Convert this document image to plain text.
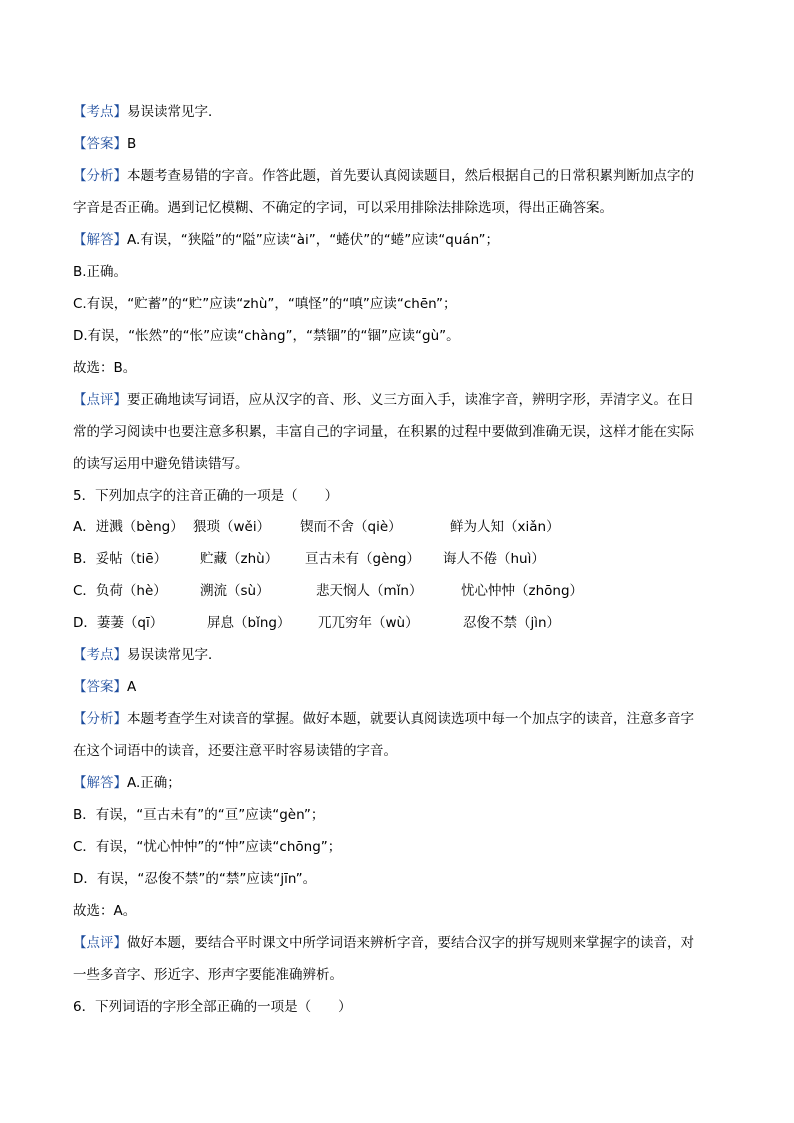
【考点】易误读常见字．
【答案】B
【分析】本题考查易错的字音。作答此题，首先要认真阅读题目，然后根据自己的日常积累判断加点字的
字音是否正确。遇到记忆模糊、不确定的字词，可以采用排除法排除选项，得出正确答案。
【解答】A.有误，“狭隘”的“隘”应读“ài”，“蜷伏”的“蜷”应读“quán”；
B.正确。
C.有误，“贮蓄”的“贮”应读“zhù”，“嗔怪”的“嗔”应读“chēn”；
D.有误，“怅然”的“怅”应读“chàng”，“禁锢”的“锢”应读“gù”。
故选：B。
【点评】要正确地读写词语，应从汉字的音、形、义三方面入手，读准字音，辨明字形，弄清字义。在日
常的学习阅读中也要注意多积累，丰富自己的字词量，在积累的过程中要做到准确无误，这样才能在实际
的读写运用中避免错读错写。
5．下列加点字的注音正确的一项是（　　）
A．迸溅（bèng） 猥琐（wěi） 锲而不舍（qiè）	鲜为人知（xiǎn）
B．妥帖（tiē） 贮藏（zhù） 亘古未有（gèng） 诲人不倦（huì）
C．负荷（hè） 溯流（sù）	悲天悯人（mǐn）	忧心忡忡（zhōng）
D．萋萋（qī）	屏息（bǐng） 兀兀穷年（wù）	忍俊不禁（jìn）
【考点】易误读常见字．
【答案】A
【分析】本题考查学生对读音的掌握。做好本题，就要认真阅读选项中每一个加点字的读音，注意多音字
在这个词语中的读音，还要注意平时容易读错的字音。
【解答】A.正确；
B．有误，“亘古未有”的“亘”应读“gèn”；
C．有误，“忧心忡忡”的“忡”应读“chōng”；
D．有误，“忍俊不禁”的“禁”应读“jīn”。
故选：A。
【点评】做好本题，要结合平时课文中所学词语来辨析字音，要结合汉字的拼写规则来掌握字的读音，对
一些多音字、形近字、形声字要能准确辨析。
6．下列词语的字形全部正确的一项是（　　）
